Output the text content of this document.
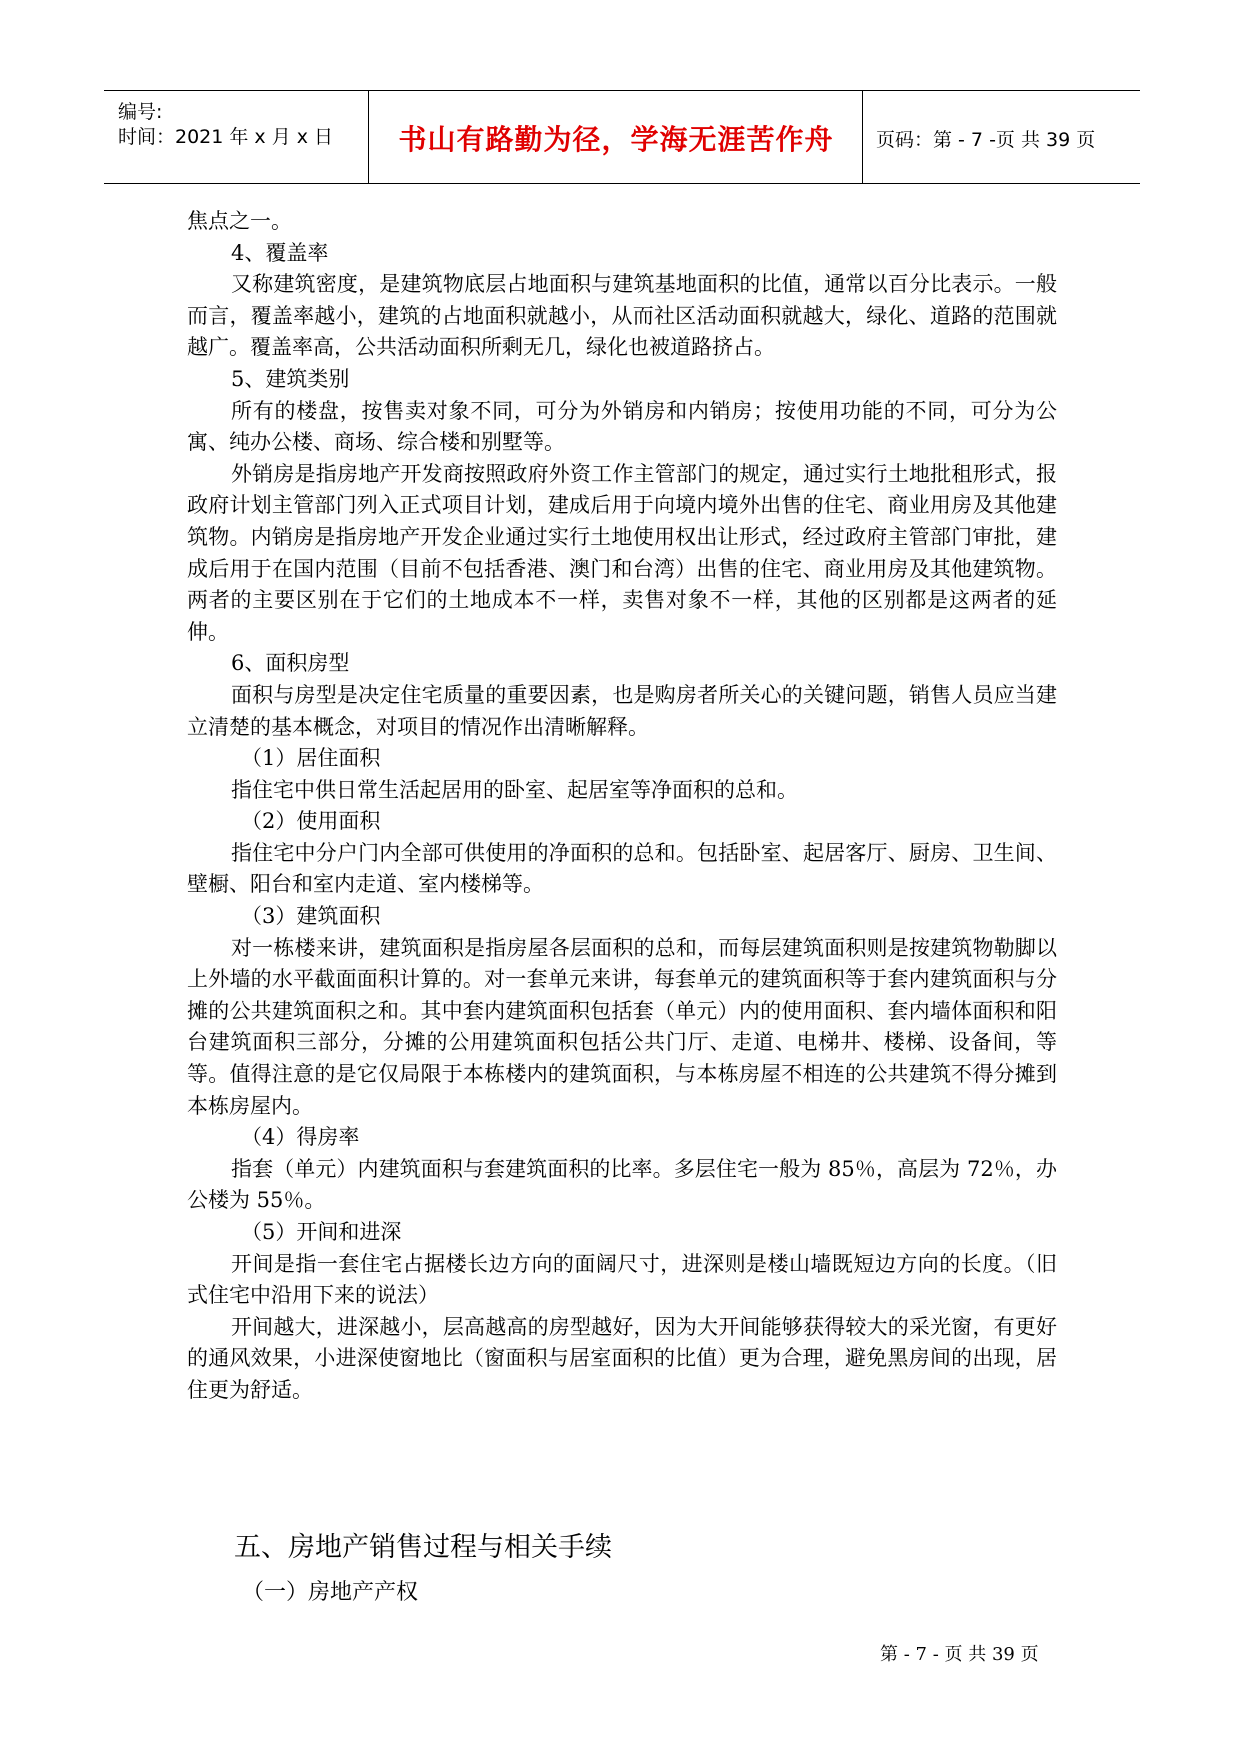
编号:
时间：2021 年 x 月 x 日	书山有路勤为径，学海无涯苦作舟	页码：第 - 7 -页 共 39 页

焦点之一。

4、覆盖率

又称建筑密度，是建筑物底层占地面积与建筑基地面积的比值，通常以百分比表示。一般而言，覆盖率越小，建筑的占地面积就越小，从而社区活动面积就越大，绿化、道路的范围就越广。覆盖率高，公共活动面积所剩无几，绿化也被道路挤占。

5、建筑类别

所有的楼盘，按售卖对象不同，可分为外销房和内销房；按使用功能的不同，可分为公寓、纯办公楼、商场、综合楼和别墅等。

外销房是指房地产开发商按照政府外资工作主管部门的规定，通过实行土地批租形式，报政府计划主管部门列入正式项目计划，建成后用于向境内境外出售的住宅、商业用房及其他建筑物。内销房是指房地产开发企业通过实行土地使用权出让形式，经过政府主管部门审批，建成后用于在国内范围（目前不包括香港、澳门和台湾）出售的住宅、商业用房及其他建筑物。两者的主要区别在于它们的土地成本不一样，卖售对象不一样，其他的区别都是这两者的延伸。

6、面积房型

面积与房型是决定住宅质量的重要因素，也是购房者所关心的关键问题，销售人员应当建立清楚的基本概念，对项目的情况作出清晰解释。

（1）居住面积

指住宅中供日常生活起居用的卧室、起居室等净面积的总和。

（2）使用面积

指住宅中分户门内全部可供使用的净面积的总和。包括卧室、起居客厅、厨房、卫生间、壁橱、阳台和室内走道、室内楼梯等。

（3）建筑面积

对一栋楼来讲，建筑面积是指房屋各层面积的总和，而每层建筑面积则是按建筑物勒脚以上外墙的水平截面面积计算的。对一套单元来讲，每套单元的建筑面积等于套内建筑面积与分摊的公共建筑面积之和。其中套内建筑面积包括套（单元）内的使用面积、套内墙体面积和阳台建筑面积三部分，分摊的公用建筑面积包括公共门厅、走道、电梯井、楼梯、设备间，等等。值得注意的是它仅局限于本栋楼内的建筑面积，与本栋房屋不相连的公共建筑不得分摊到本栋房屋内。

（4）得房率

指套（单元）内建筑面积与套建筑面积的比率。多层住宅一般为 85％，高层为 72％，办公楼为 55％。

（5）开间和进深

开间是指一套住宅占据楼长边方向的面阔尺寸，进深则是楼山墙既短边方向的长度。（旧式住宅中沿用下来的说法）

开间越大，进深越小，层高越高的房型越好，因为大开间能够获得较大的采光窗，有更好的通风效果，小进深使窗地比（窗面积与居室面积的比值）更为合理，避免黑房间的出现，居住更为舒适。

五、房地产销售过程与相关手续
（一）房地产产权
第 - 7 - 页 共 39 页
